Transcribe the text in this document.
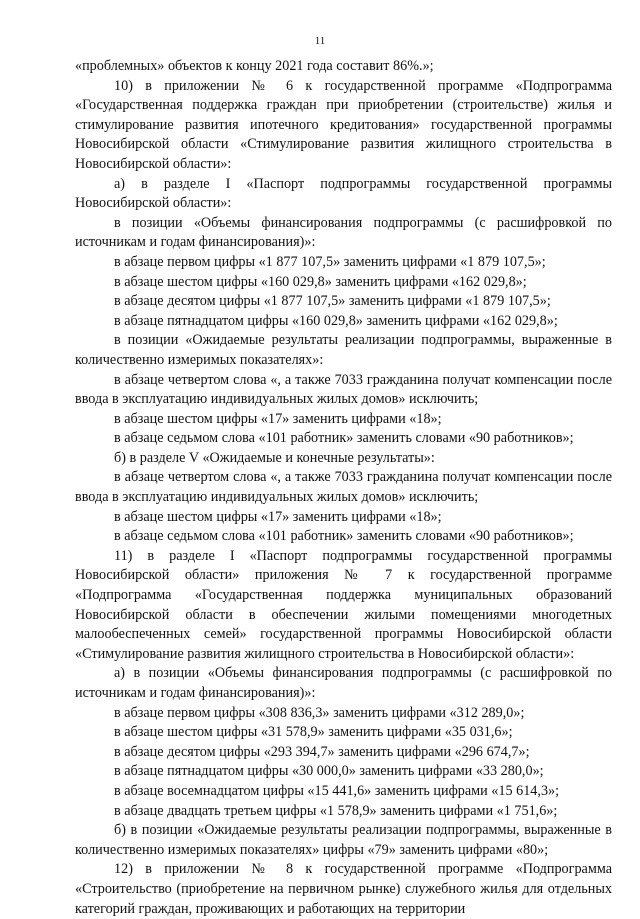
11

«проблемных» объектов к концу 2021 года составит 86%.»;

10) в приложении № 6 к государственной программе «Подпрограмма «Государственная поддержка граждан при приобретении (строительстве) жилья и стимулирование развития ипотечного кредитования» государственной программы Новосибирской области «Стимулирование развития жилищного строительства в Новосибирской области»:

а) в разделе I «Паспорт подпрограммы государственной программы Новосибирской области»:

в позиции «Объемы финансирования подпрограммы (с расшифровкой по источникам и годам финансирования)»:

в абзаце первом цифры «1 877 107,5» заменить цифрами «1 879 107,5»;

в абзаце шестом цифры «160 029,8» заменить цифрами «162 029,8»;

в абзаце десятом цифры «1 877 107,5» заменить цифрами «1 879 107,5»;

в абзаце пятнадцатом цифры «160 029,8» заменить цифрами «162 029,8»;

в позиции «Ожидаемые результаты реализации подпрограммы, выраженные в количественно измеримых показателях»:

в абзаце четвертом слова «, а также 7033 гражданина получат компенсации после ввода в эксплуатацию индивидуальных жилых домов» исключить;

в абзаце шестом цифры «17» заменить цифрами «18»;

в абзаце седьмом слова «101 работник» заменить словами «90 работников»;

б) в разделе V «Ожидаемые и конечные результаты»:

в абзаце четвертом слова «, а также 7033 гражданина получат компенсации после ввода в эксплуатацию индивидуальных жилых домов» исключить;

в абзаце шестом цифры «17» заменить цифрами «18»;

в абзаце седьмом слова «101 работник» заменить словами «90 работников»;

11) в разделе I «Паспорт подпрограммы государственной программы Новосибирской области» приложения № 7 к государственной программе «Подпрограмма «Государственная поддержка муниципальных образований Новосибирской области в обеспечении жилыми помещениями многодетных малообеспеченных семей» государственной программы Новосибирской области «Стимулирование развития жилищного строительства в Новосибирской области»:

а) в позиции «Объемы финансирования подпрограммы (с расшифровкой по источникам и годам финансирования)»:

в абзаце первом цифры «308 836,3» заменить цифрами «312 289,0»;

в абзаце шестом цифры «31 578,9» заменить цифрами «35 031,6»;

в абзаце десятом цифры «293 394,7» заменить цифрами «296 674,7»;

в абзаце пятнадцатом цифры «30 000,0» заменить цифрами «33 280,0»;

в абзаце восемнадцатом цифры «15 441,6» заменить цифрами «15 614,3»;

в абзаце двадцать третьем цифры «1 578,9» заменить цифрами «1 751,6»;

б) в позиции «Ожидаемые результаты реализации подпрограммы, выраженные в количественно измеримых показателях» цифры «79» заменить цифрами «80»;

12) в приложении № 8 к государственной программе «Подпрограмма «Строительство (приобретение на первичном рынке) служебного жилья для отдельных категорий граждан, проживающих и работающих на территории
